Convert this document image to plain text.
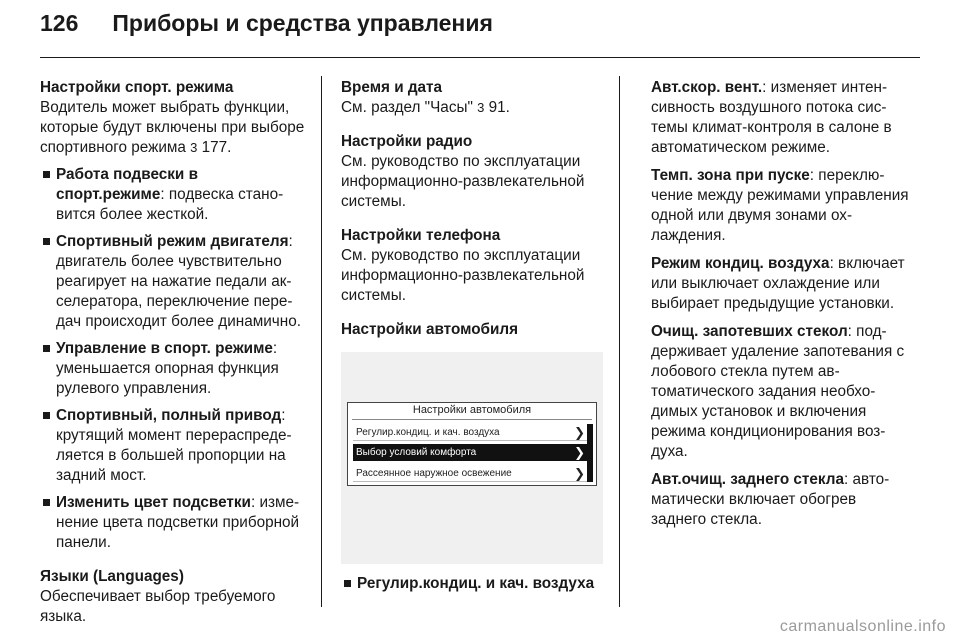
126 Приборы и средства управления

Настройки спорт. режима

Водитель может выбрать функции, которые будут включены при выборе спортивного режима 3 177.

Работа подвески в спорт.режиме: подвеска становится более жесткой.
Спортивный режим двигателя: двигатель более чувствительно реагирует на нажатие педали акселератора, переключение передач происходит более динамично.
Управление в спорт. режиме: уменьшается опорная функция рулевого управления.
Спортивный, полный привод: крутящий момент перераспределяется в большей пропорции на задний мост.
Изменить цвет подсветки: изменение цвета подсветки приборной панели.

Языки (Languages)

Обеспечивает выбор требуемого языка.

Время и дата

См. раздел "Часы" 3 91.

Настройки радио

См. руководство по эксплуатации информационно-развлекательной системы.

Настройки телефона

См. руководство по эксплуатации информационно-развлекательной системы.

Настройки автомобиля

Настройки автомобиля
Регулир.кондиц. и кач. воздуха	❯
Выбор условий комфорта	❯
Рассеянное наружное освежение	❯
Регулир.кондиц. и кач. воздуха

Авт.скор. вент.: изменяет интенсивность воздушного потока системы климат-контроля в салоне в автоматическом режиме.

Темп. зона при пуске: переключение между режимами управления одной или двумя зонами охлаждения.

Режим кондиц. воздуха: включает или выключает охлаждение или выбирает предыдущие установки.

Очищ. запотевших стекол: поддерживает удаление запотевания с лобового стекла путем автоматического задания необходимых установок и включения режима кондиционирования воздуха.

Авт.очищ. заднего стекла: автоматически включает обогрев заднего стекла.

carmanualsonline.info
